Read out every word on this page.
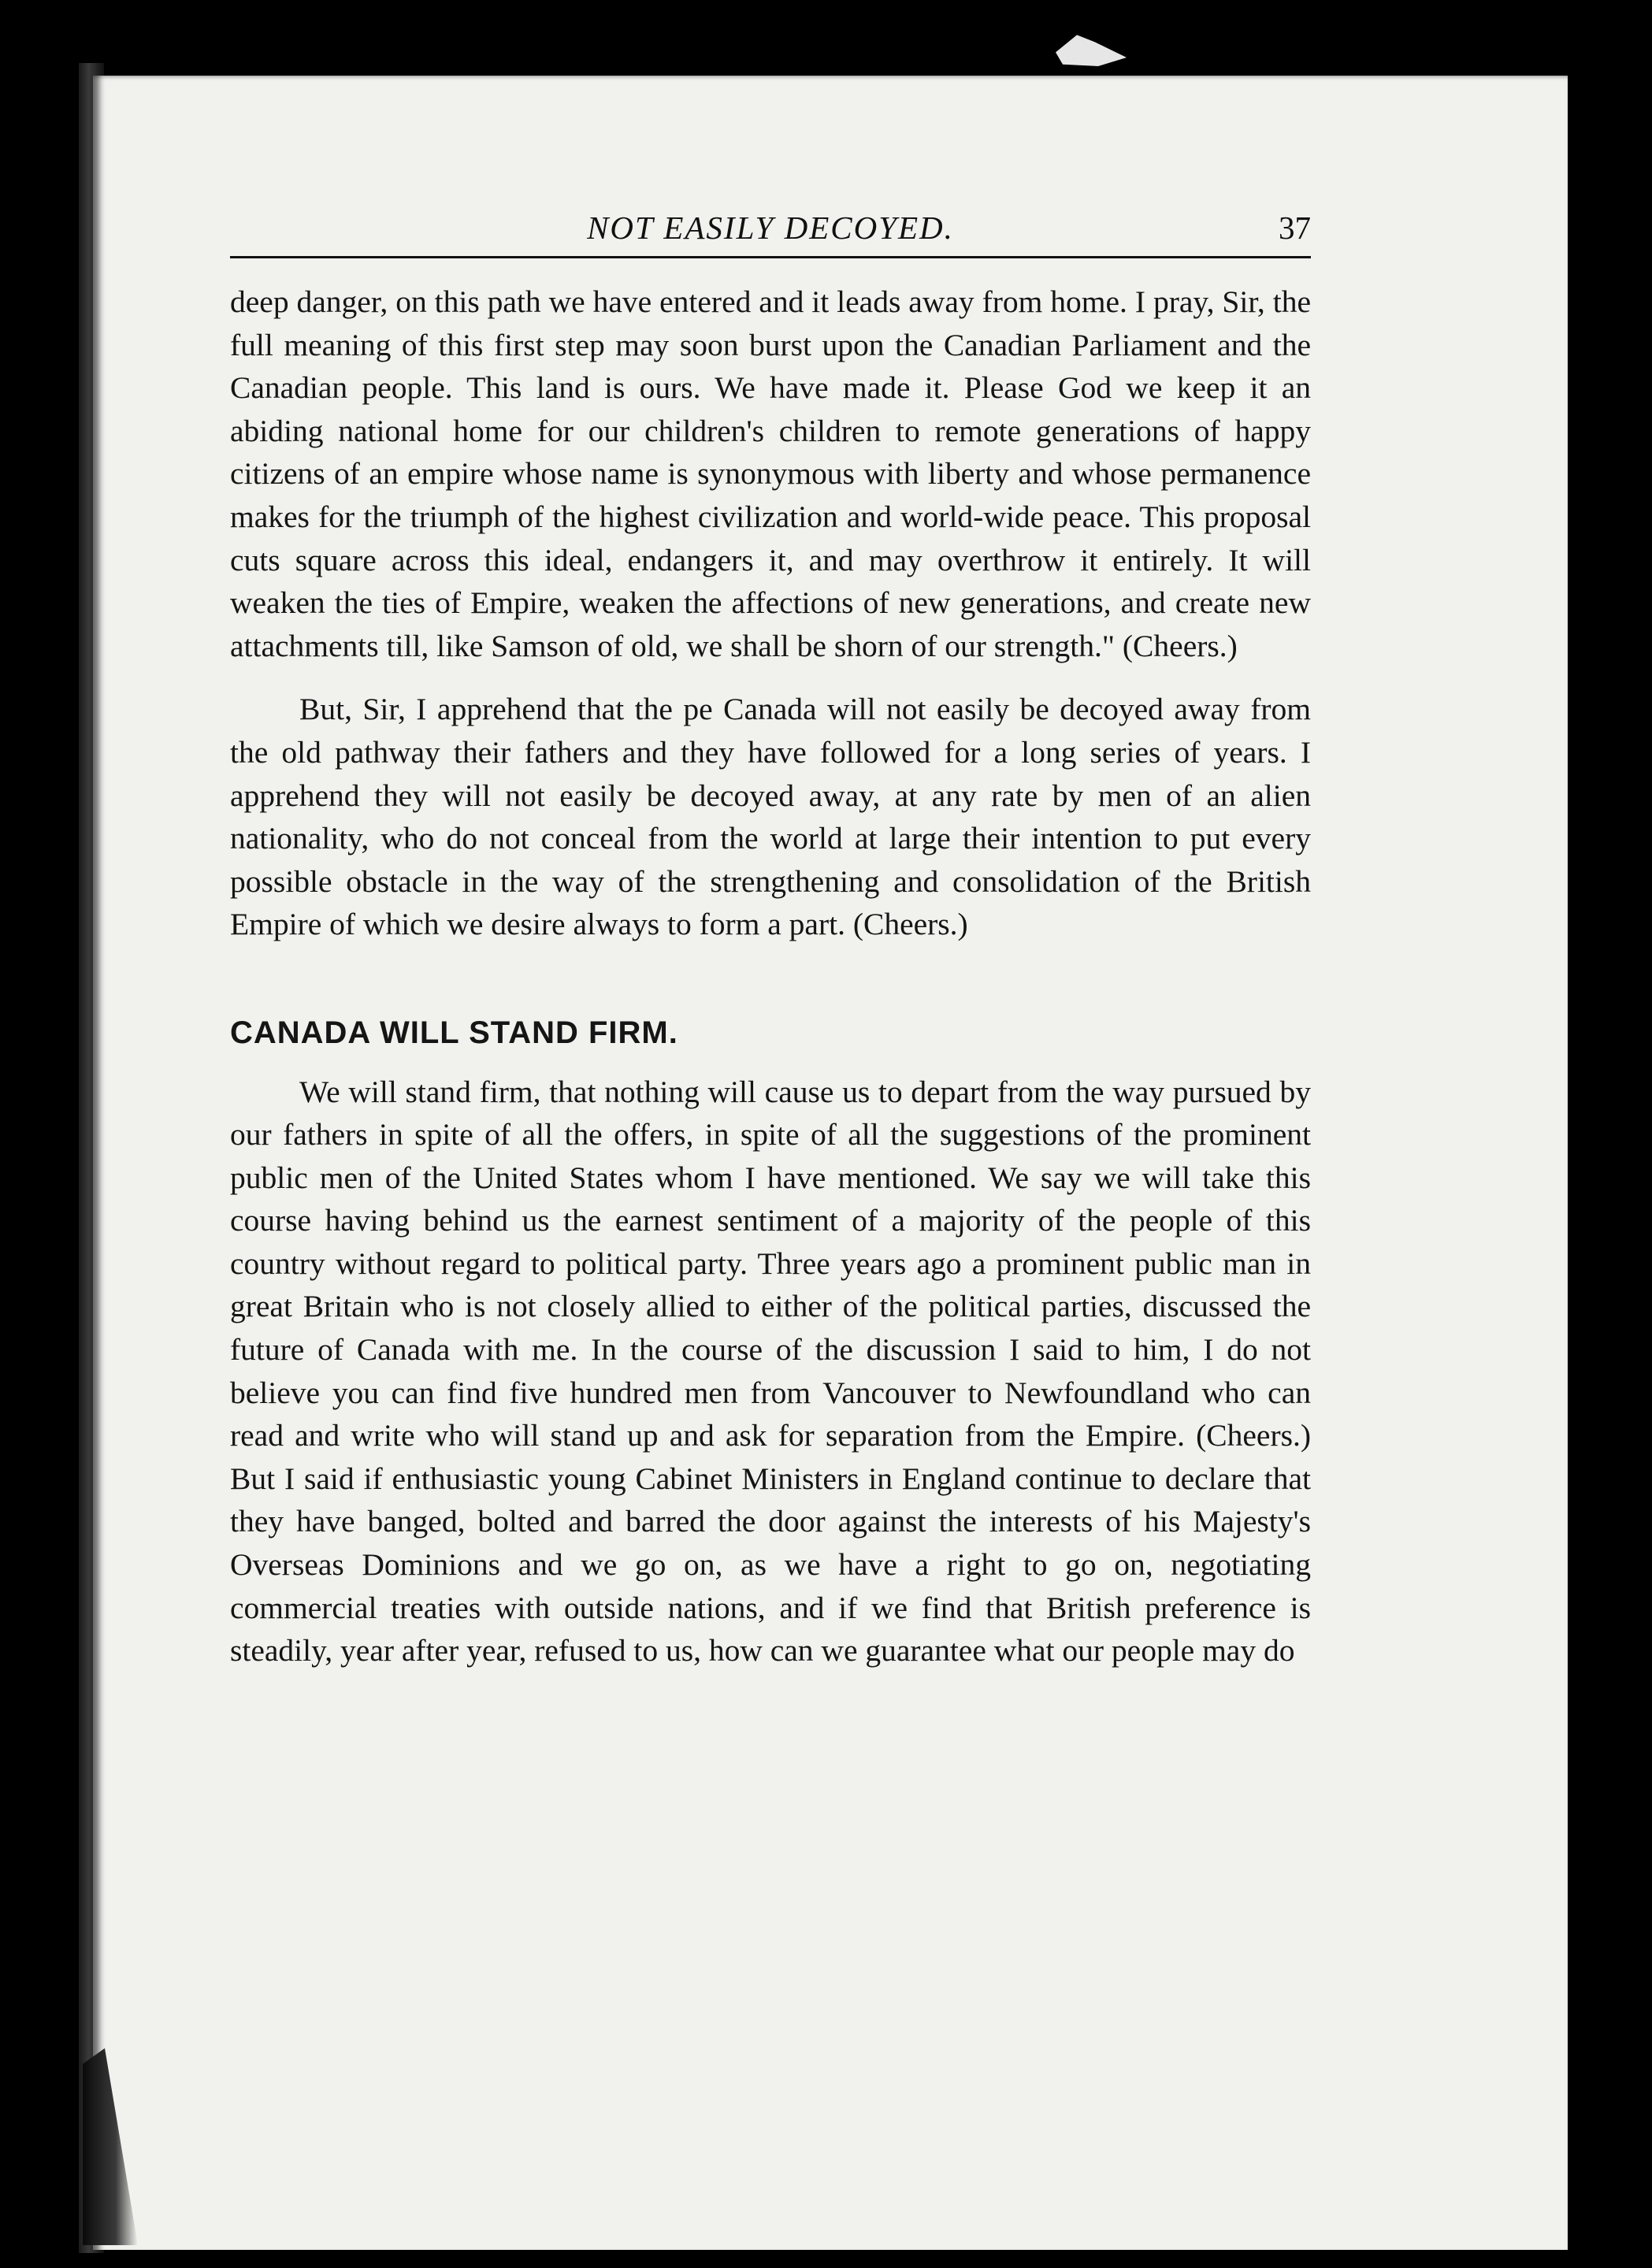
NOT EASILY DECOYED.	37

deep danger, on this path we have entered and it leads away from home. I pray, Sir, the full meaning of this first step may soon burst upon the Canadian Parliament and the Canadian people. This land is ours. We have made it. Please God we keep it an abiding national home for our children's children to remote generations of happy citizens of an empire whose name is synonymous with liberty and whose permanence makes for the triumph of the highest civilization and world-wide peace. This proposal cuts square across this ideal, endangers it, and may overthrow it entirely. It will weaken the ties of Empire, weaken the affections of new generations, and create new attachments till, like Samson of old, we shall be shorn of our strength." (Cheers.)

But, Sir, I apprehend that the pe Canada will not easily be decoyed away from the old pathway their fathers and they have followed for a long series of years. I apprehend they will not easily be decoyed away, at any rate by men of an alien nationality, who do not conceal from the world at large their intention to put every possible obstacle in the way of the strengthening and consolidation of the British Empire of which we desire always to form a part. (Cheers.)

CANADA WILL STAND FIRM.

We will stand firm, that nothing will cause us to depart from the way pursued by our fathers in spite of all the offers, in spite of all the suggestions of the prominent public men of the United States whom I have mentioned. We say we will take this course having behind us the earnest sentiment of a majority of the people of this country without regard to political party. Three years ago a prominent public man in great Britain who is not closely allied to either of the political parties, discussed the future of Canada with me. In the course of the discussion I said to him, I do not believe you can find five hundred men from Vancouver to Newfoundland who can read and write who will stand up and ask for separation from the Empire. (Cheers.) But I said if enthusiastic young Cabinet Ministers in England continue to declare that they have banged, bolted and barred the door against the interests of his Majesty's Overseas Dominions and we go on, as we have a right to go on, negotiating commercial treaties with outside nations, and if we find that British preference is steadily, year after year, refused to us, how can we guarantee what our people may do
